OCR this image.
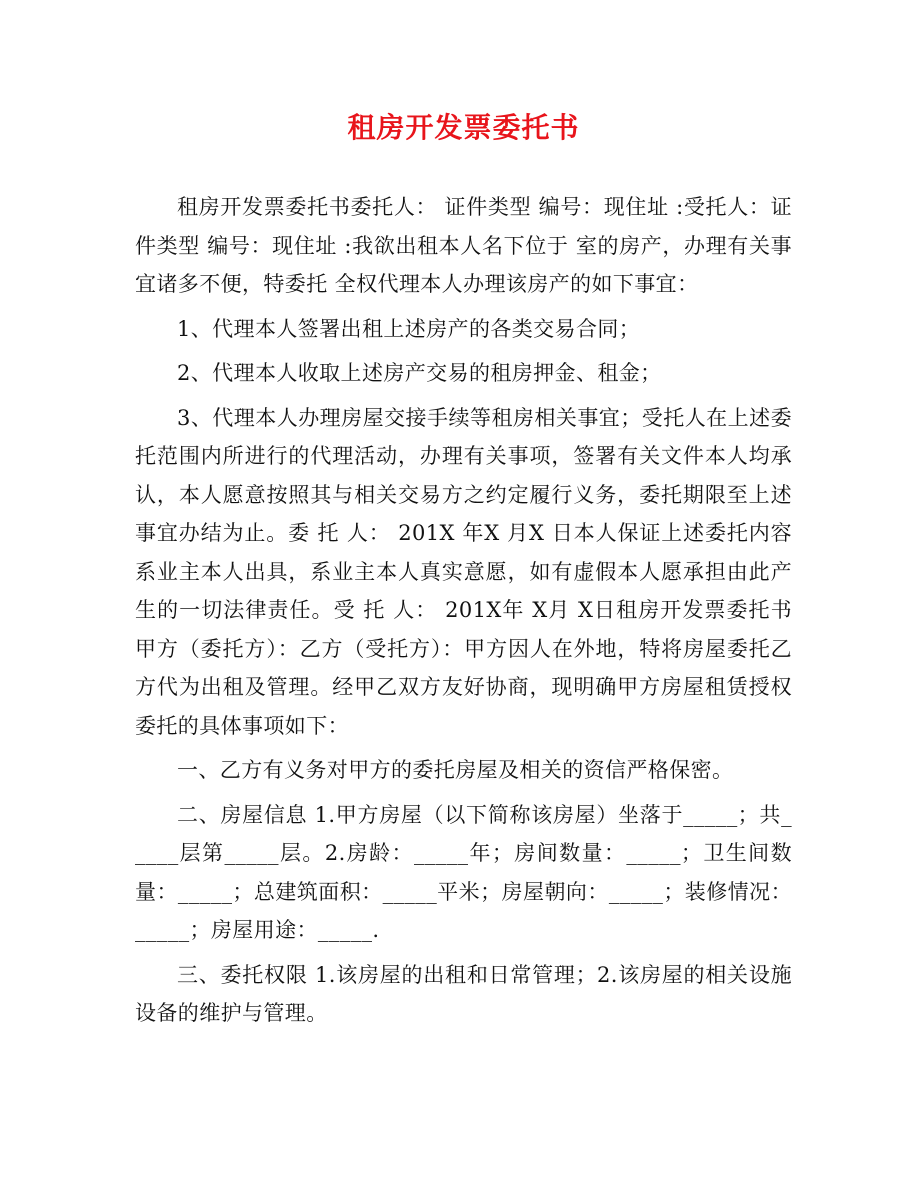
租房开发票委托书

租房开发票委托书委托人： 证件类型 编号：现住址 :受托人：证件类型 编号：现住址 :我欲出租本人名下位于 室的房产，办理有关事宜诸多不便，特委托 全权代理本人办理该房产的如下事宜：

1、代理本人签署出租上述房产的各类交易合同；

2、代理本人收取上述房产交易的租房押金、租金；

3、代理本人办理房屋交接手续等租房相关事宜；受托人在上述委托范围内所进行的代理活动，办理有关事项，签署有关文件本人均承认，本人愿意按照其与相关交易方之约定履行义务，委托期限至上述事宜办结为止。委 托 人： 201X 年X 月X 日本人保证上述委托内容系业主本人出具，系业主本人真实意愿，如有虚假本人愿承担由此产生的一切法律责任。受 托 人： 201X年 X月 X日租房开发票委托书甲方（委托方）：乙方（受托方）：甲方因人在外地，特将房屋委托乙方代为出租及管理。经甲乙双方友好协商，现明确甲方房屋租赁授权委托的具体事项如下：

一、乙方有义务对甲方的委托房屋及相关的资信严格保密。

二、房屋信息 1.甲方房屋（以下简称该房屋）坐落于_____；共_____层第_____层。2.房龄：_____年；房间数量：_____；卫生间数量：_____；总建筑面积：_____平米；房屋朝向：_____；装修情况：_____；房屋用途：_____.

三、委托权限 1.该房屋的出租和日常管理；2.该房屋的相关设施设备的维护与管理。
